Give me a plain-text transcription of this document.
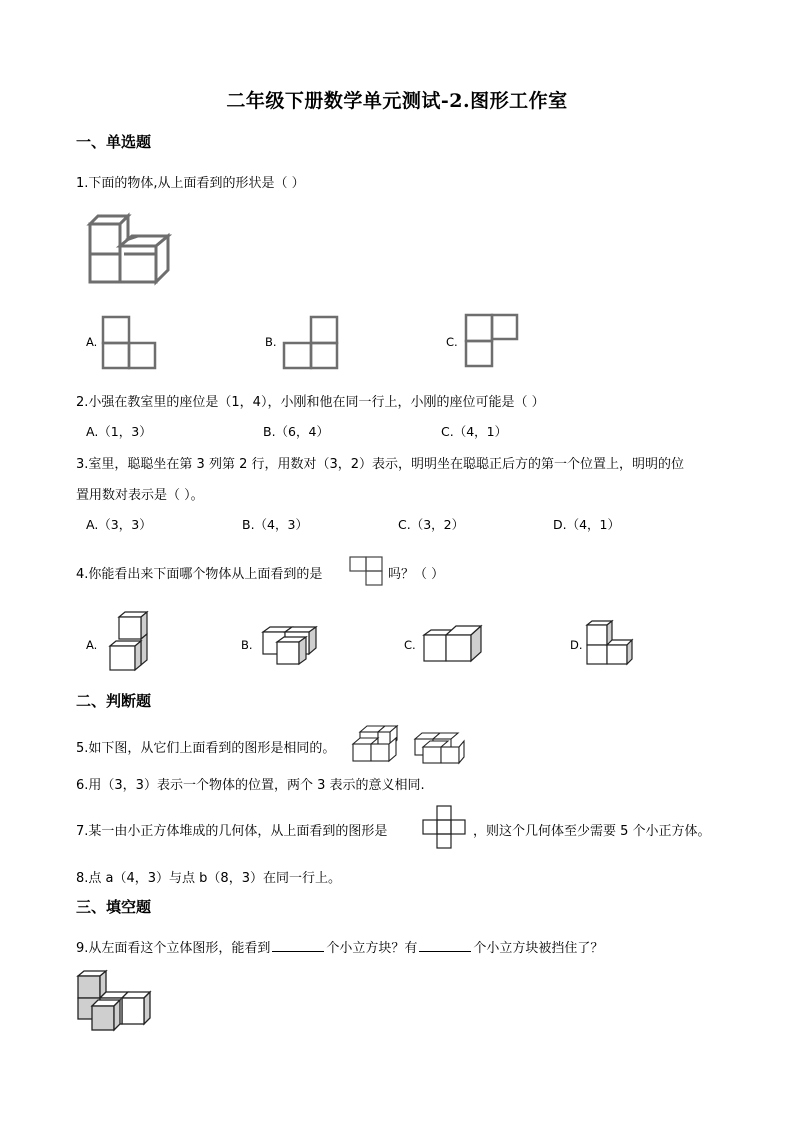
二年级下册数学单元测试-2.图形工作室
一、单选题
1.下面的物体,从上面看到的形状是（ ）
A.	B.	C.
2.小强在教室里的座位是（1，4），小刚和他在同一行上，小刚的座位可能是（ ）
A.（1，3）	B.（6，4）	C.（4，1）
3.室里，聪聪坐在第 3 列第 2 行，用数对（3，2）表示，明明坐在聪聪正后方的第一个位置上，明明的位
置用数对表示是（ ）。
A.（3，3）	B.（4，3）	C.（3，2）	D.（4，1）
4.你能看出来下面哪个物体从上面看到的是	吗？（ ）
A.	B.	C.	D.
二、判断题
5.如下图，从它们上面看到的图形是相同的。
6.用（3，3）表示一个物体的位置，两个 3 表示的意义相同.
7.某一由小正方体堆成的几何体，从上面看到的图形是	，则这个几何体至少需要 5 个小正方体。
8.点 a（4，3）与点 b（8，3）在同一行上。
三、填空题
9.从左面看这个立体图形，能看到	个小立方块？有	个小立方块被挡住了？
